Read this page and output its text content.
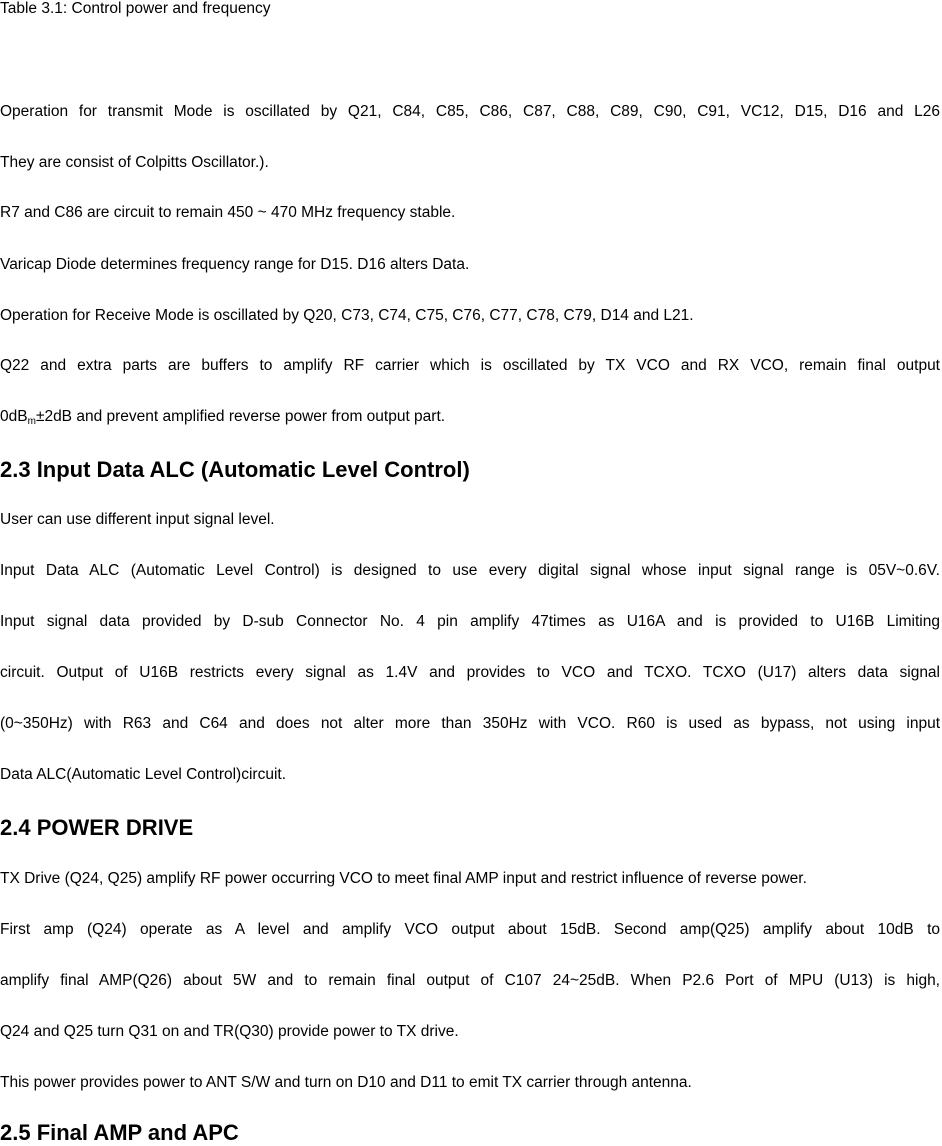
Table 3.1: Control power and frequency
Operation for transmit Mode is oscillated by Q21, C84, C85, C86, C87, C88, C89, C90, C91, VC12, D15, D16 and L26
They are consist of Colpitts Oscillator.).
R7 and C86 are circuit to remain 450 ~ 470 MHz frequency stable.
Varicap Diode determines frequency range for D15. D16 alters Data.
Operation for Receive Mode is oscillated by Q20, C73, C74, C75, C76, C77, C78, C79, D14 and L21.
Q22 and extra parts are buffers to amplify RF carrier which is oscillated by TX VCO and RX VCO, remain final output
$0dB_m\pm 2dB$ and prevent amplified reverse power from output part.
2.3 Input Data ALC (Automatic Level Control)
User can use different input signal level.
Input Data ALC (Automatic Level Control) is designed to use every digital signal whose input signal range is 05V~0.6V.
Input signal data provided by D-sub Connector No. 4 pin amplify 47times as U16A and is provided to U16B Limiting
circuit. Output of U16B restricts every signal as 1.4V and provides to VCO and TCXO. TCXO (U17) alters data signal
(0~350Hz) with R63 and C64 and does not alter more than 350Hz with VCO. R60 is used as bypass, not using input
Data ALC(Automatic Level Control)circuit.
2.4 POWER DRIVE
TX Drive (Q24, Q25) amplify RF power occurring VCO to meet final AMP input and restrict influence of reverse power.
First amp (Q24) operate as A level and amplify VCO output about 15dB. Second amp(Q25) amplify about 10dB to
amplify final AMP(Q26) about 5W and to remain final output of C107 24~25dB. When P2.6 Port of MPU (U13) is high,
Q24 and Q25 turn Q31 on and TR(Q30) provide power to TX drive.
This power provides power to ANT S/W and turn on D10 and D11 to emit TX carrier through antenna.
2.5 Final AMP and APC
